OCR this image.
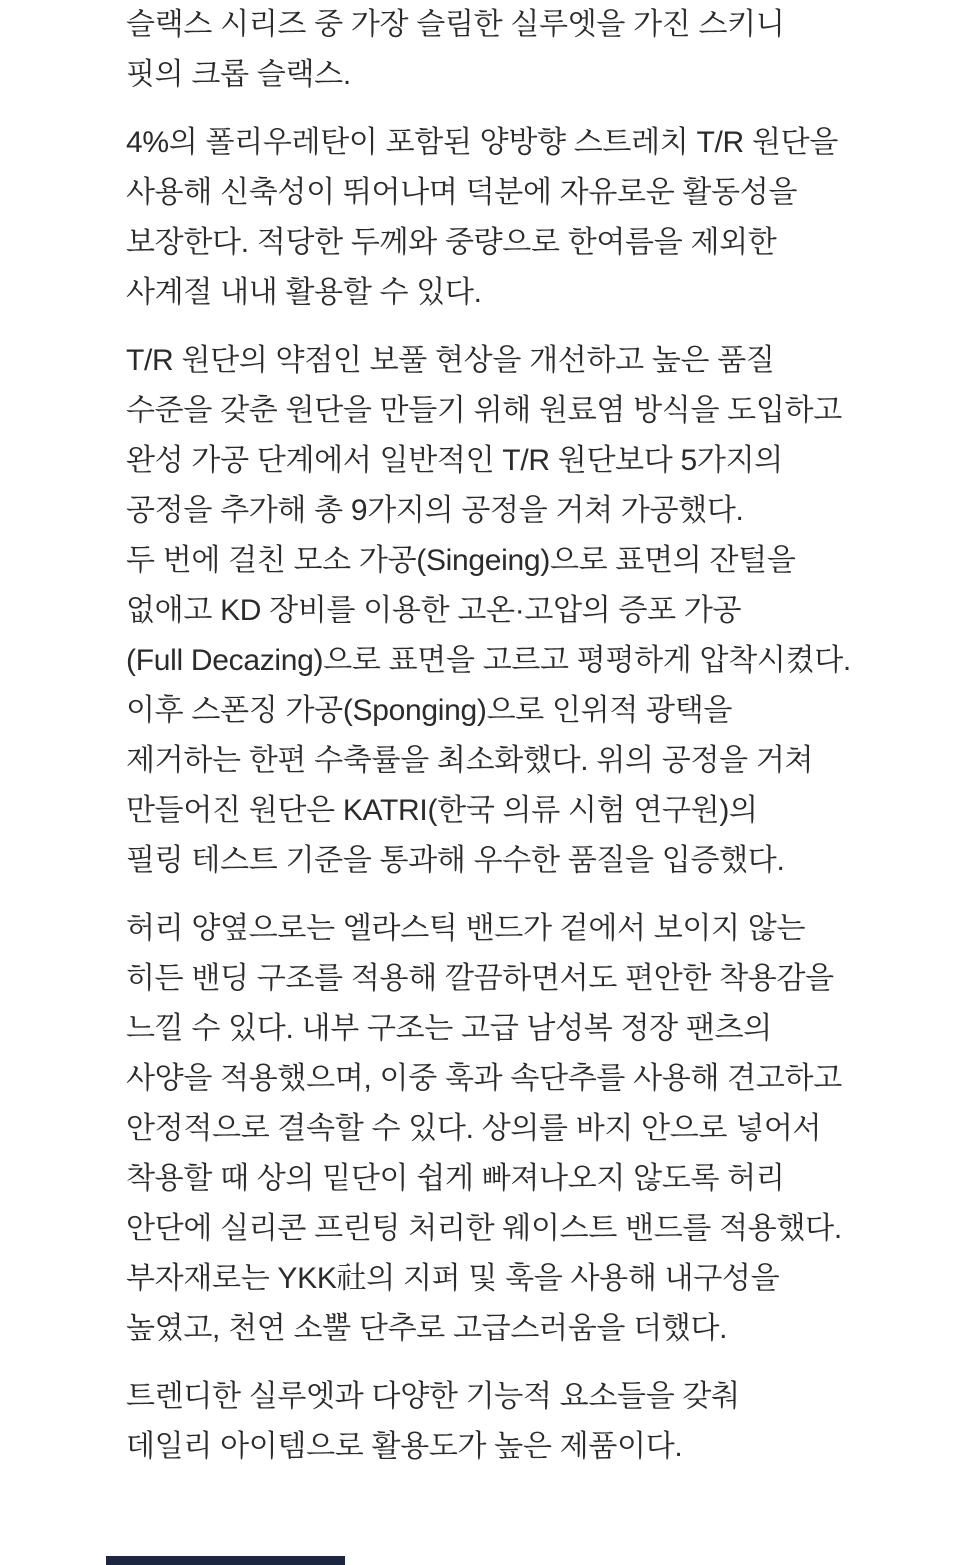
슬랙스 시리즈 중 가장 슬림한 실루엣을 가진 스키니
핏의 크롭 슬랙스.

4%의 폴리우레탄이 포함된 양방향 스트레치 T/R 원단을
사용해 신축성이 뛰어나며 덕분에 자유로운 활동성을
보장한다. 적당한 두께와 중량으로 한여름을 제외한
사계절 내내 활용할 수 있다.

T/R 원단의 약점인 보풀 현상을 개선하고 높은 품질
수준을 갖춘 원단을 만들기 위해 원료염 방식을 도입하고
완성 가공 단계에서 일반적인 T/R 원단보다 5가지의
공정을 추가해 총 9가지의 공정을 거쳐 가공했다.
두 번에 걸친 모소 가공(Singeing)으로 표면의 잔털을
없애고 KD 장비를 이용한 고온·고압의 증포 가공
(Full Decazing)으로 표면을 고르고 평평하게 압착시켰다.
이후 스폰징 가공(Sponging)으로 인위적 광택을
제거하는 한편 수축률을 최소화했다. 위의 공정을 거쳐
만들어진 원단은 KATRI(한국 의류 시험 연구원)의
필링 테스트 기준을 통과해 우수한 품질을 입증했다.

허리 양옆으로는 엘라스틱 밴드가 겉에서 보이지 않는
히든 밴딩 구조를 적용해 깔끔하면서도 편안한 착용감을
느낄 수 있다. 내부 구조는 고급 남성복 정장 팬츠의
사양을 적용했으며, 이중 훅과 속단추를 사용해 견고하고
안정적으로 결속할 수 있다. 상의를 바지 안으로 넣어서
착용할 때 상의 밑단이 쉽게 빠져나오지 않도록 허리
안단에 실리콘 프린팅 처리한 웨이스트 밴드를 적용했다.
부자재로는 YKK社의 지퍼 및 훅을 사용해 내구성을
높였고, 천연 소뿔 단추로 고급스러움을 더했다.

트렌디한 실루엣과 다양한 기능적 요소들을 갖춰
데일리 아이템으로 활용도가 높은 제품이다.
